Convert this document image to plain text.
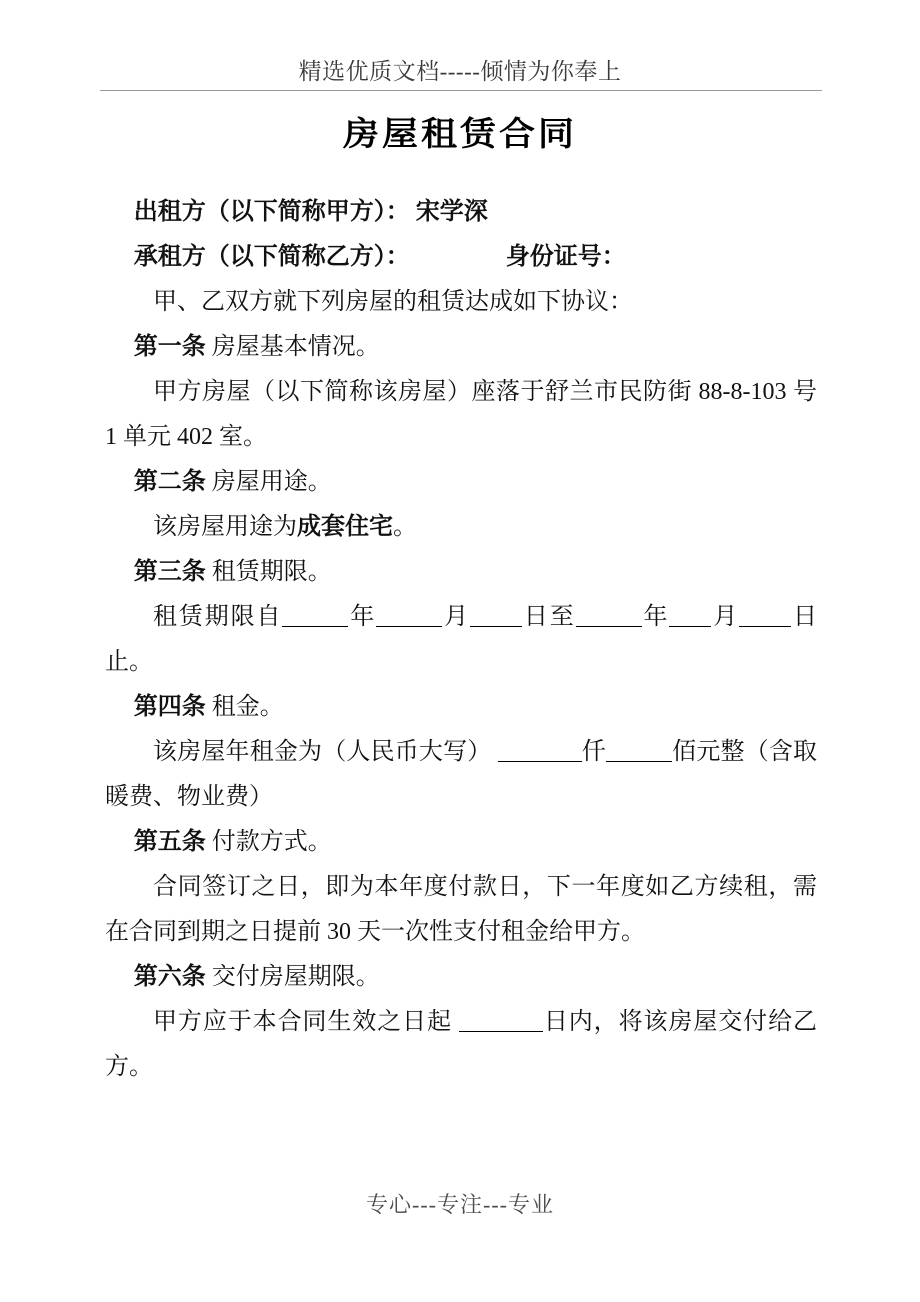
精选优质文档-----倾情为你奉上
房屋租赁合同

出租方（以下简称甲方）： 宋学深

承租方（以下简称乙方）：	身份证号：

甲、乙双方就下列房屋的租赁达成如下协议：

第一条 房屋基本情况。

甲方房屋（以下简称该房屋）座落于舒兰市民防街 88-8-103 号 1 单元 402 室。

第二条 房屋用途。

该房屋用途为成套住宅。

第三条 租赁期限。

租赁期限自	年	月 日至	年 月 日止。

第四条 租金。

该房屋年租金为（人民币大写）	仟	佰元整（含取暖费、物业费）

第五条 付款方式。

合同签订之日，即为本年度付款日，下一年度如乙方续租，需在合同到期之日提前 30 天一次性支付租金给甲方。

第六条 交付房屋期限。

甲方应于本合同生效之日起	日内，将该房屋交付给乙方。

专心---专注---专业
